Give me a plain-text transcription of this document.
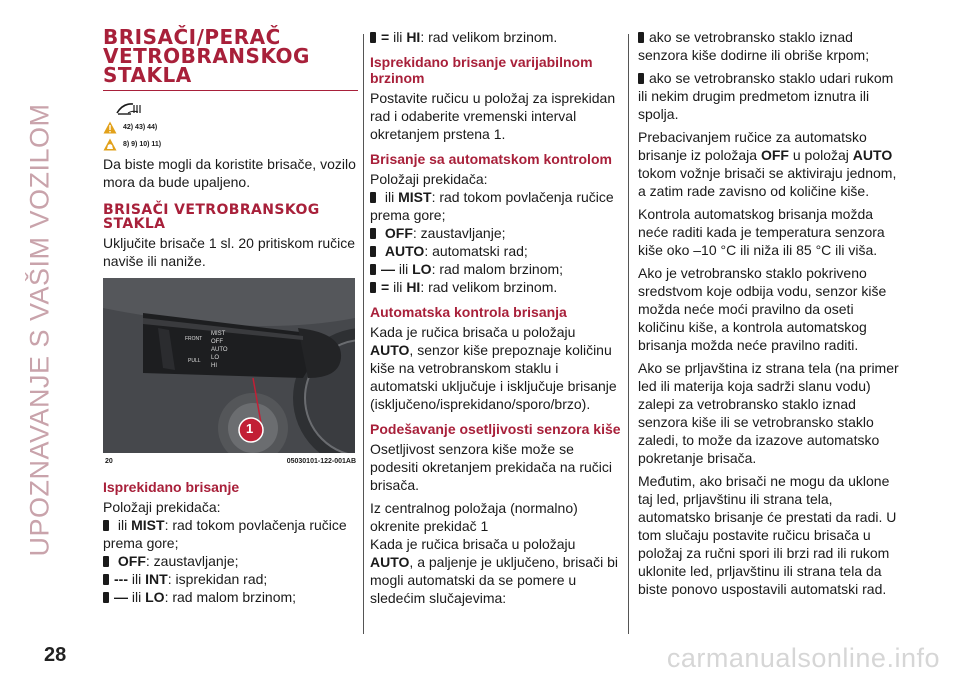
UPOZNAVANJE S VAŠIM VOZILOM
28	carmanualsonline.info
BRISAČI/PERAČ VETROBRANSKOG STAKLA
42) 43) 44)
8) 9) 10) 11)

Da biste mogli da koristite brisače, vozilo mora da bude upaljeno.

BRISAČI VETROBRANSKOG STAKLA

Uključite brisače 1 sl. 20 pritiskom ručice naviše ili naniže.

1
FRONT
PULL
MIST
OFF
AUTO
LO
HI
20	05030101-122-001AB
Isprekidano brisanje
Položaji prekidača:
ili MIST: rad tokom povlačenja ručice prema gore;
OFF: zaustavljanje;
--- ili INT: isprekidan rad;
— ili LO: rad malom brzinom;
= ili HI: rad velikom brzinom.
Isprekidano brisanje varijabilnom brzinom

Postavite ručicu u položaj za isprekidan rad i odaberite vremenski interval okretanjem prstena 1.

Brisanje sa automatskom kontrolom
Položaji prekidača:
ili MIST: rad tokom povlačenja ručice prema gore;
OFF: zaustavljanje;
AUTO: automatski rad;
— ili LO: rad malom brzinom;
= ili HI: rad velikom brzinom.
Automatska kontrola brisanja

Kada je ručica brisača u položaju
AUTO, senzor kiše prepoznaje količinu kiše na vetrobranskom staklu i automatski uključuje i isključuje brisanje (isključeno/isprekidano/sporo/brzo).

Podešavanje osetljivosti senzora kiše

Osetljivost senzora kiše može se podesiti okretanjem prekidača na ručici brisača.

Iz centralnog položaja (normalno) okrenite prekidač 1
Kada je ručica brisača u položaju
AUTO, a paljenje je uključeno, brisači bi mogli automatski da se pomere u sledećim slučajevima:

ako se vetrobransko staklo iznad senzora kiše dodirne ili obriše krpom;

ako se vetrobransko staklo udari rukom ili nekim drugim predmetom iznutra ili spolja.

Prebacivanjem ručice za automatsko brisanje iz položaja OFF u položaj AUTO tokom vožnje brisači se aktiviraju jednom, a zatim rade zavisno od količine kiše.

Kontrola automatskog brisanja možda neće raditi kada je temperatura senzora kiše oko –10 °C ili niža ili 85 °C ili viša.

Ako je vetrobransko staklo pokriveno sredstvom koje odbija vodu, senzor kiše možda neće moći pravilno da oseti količinu kiše, a kontrola automatskog brisanja možda neće pravilno raditi.

Ako se prljavština iz strana tela (na primer led ili materija koja sadrži slanu vodu) zalepi za vetrobransko staklo iznad senzora kiše ili se vetrobransko staklo zaledi, to može da izazove automatsko pokretanje brisača.

Međutim, ako brisači ne mogu da uklone taj led, prljavštinu ili strana tela, automatsko brisanje će prestati da radi. U tom slučaju postavite ručicu brisača u položaj za ručni spori ili brzi rad ili rukom uklonite led, prljavštinu ili strana tela da biste ponovo uspostavili automatski rad.
